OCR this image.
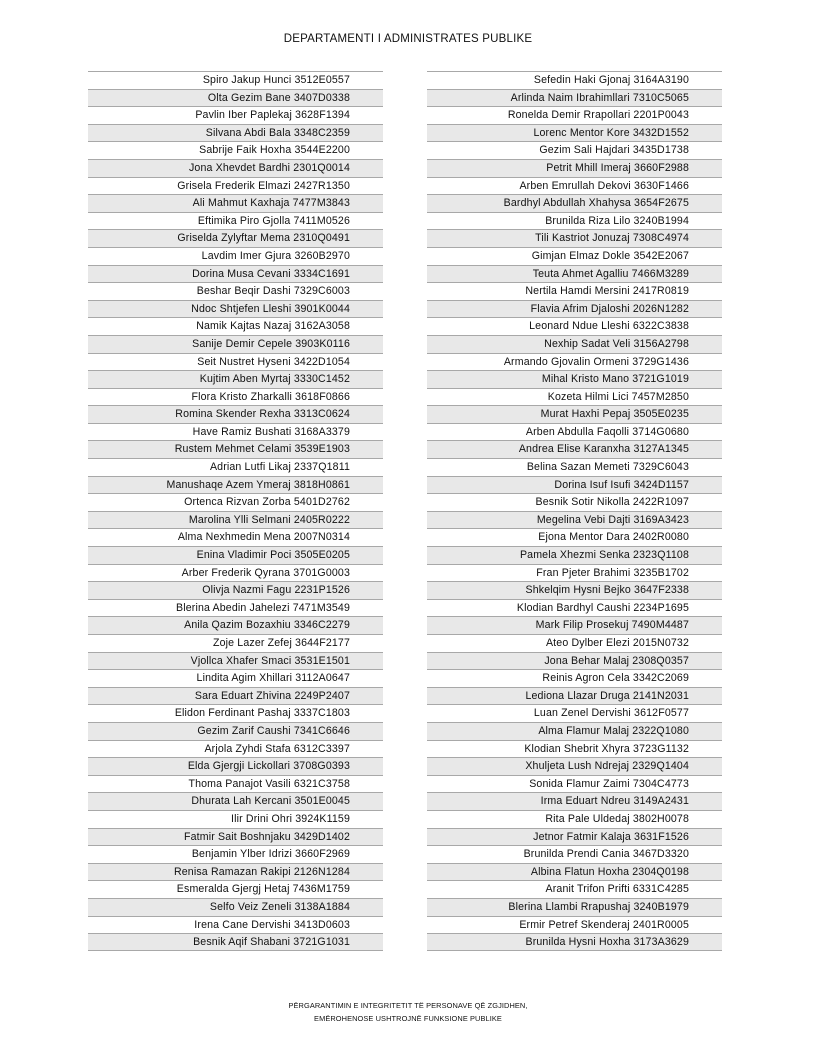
DEPARTAMENTI I ADMINISTRATES PUBLIKE
Spiro Jakup Hunci 3512E0557
Olta Gezim Bane 3407D0338
Pavlin Iber Paplekaj 3628F1394
Silvana Abdi Bala 3348C2359
Sabrije Faik Hoxha 3544E2200
Jona Xhevdet Bardhi 2301Q0014
Grisela Frederik Elmazi 2427R1350
Ali Mahmut Kaxhaja 7477M3843
Eftimika Piro Gjolla 7411M0526
Griselda Zylyftar Mema 2310Q0491
Lavdim Imer Gjura 3260B2970
Dorina Musa Cevani 3334C1691
Beshar Beqir Dashi 7329C6003
Ndoc Shtjefen Lleshi 3901K0044
Namik Kajtas Nazaj 3162A3058
Sanije Demir Cepele 3903K0116
Seit Nustret Hyseni 3422D1054
Kujtim Aben Myrtaj 3330C1452
Flora Kristo Zharkalli 3618F0866
Romina Skender Rexha 3313C0624
Have Ramiz Bushati 3168A3379
Rustem Mehmet Celami 3539E1903
Adrian Lutfi Likaj 2337Q1811
Manushaqe Azem Ymeraj 3818H0861
Ortenca Rizvan Zorba 5401D2762
Marolina Ylli Selmani 2405R0222
Alma Nexhmedin Mena 2007N0314
Enina Vladimir Poci 3505E0205
Arber Frederik Qyrana 3701G0003
Olivja Nazmi Fagu 2231P1526
Blerina Abedin Jahelezi 7471M3549
Anila Qazim Bozaxhiu 3346C2279
Zoje Lazer Zefej 3644F2177
Vjollca Xhafer Smaci 3531E1501
Lindita Agim Xhillari 3112A0647
Sara Eduart Zhivina 2249P2407
Elidon Ferdinant Pashaj 3337C1803
Gezim Zarif Caushi 7341C6646
Arjola Zyhdi Stafa 6312C3397
Elda Gjergji Lickollari 3708G0393
Thoma Panajot Vasili 6321C3758
Dhurata Lah Kercani 3501E0045
Ilir Drini Ohri 3924K1159
Fatmir Sait Boshnjaku 3429D1402
Benjamin Ylber Idrizi 3660F2969
Renisa Ramazan Rakipi 2126N1284
Esmeralda Gjergj Hetaj 7436M1759
Selfo Veiz Zeneli 3138A1884
Irena Cane Dervishi 3413D0603
Besnik Aqif Shabani 3721G1031
Sefedin Haki Gjonaj 3164A3190
Arlinda Naim Ibrahimllari 7310C5065
Ronelda Demir Rrapollari 2201P0043
Lorenc Mentor Kore 3432D1552
Gezim Sali Hajdari 3435D1738
Petrit Mhill Imeraj 3660F2988
Arben Emrullah Dekovi 3630F1466
Bardhyl Abdullah Xhahysa 3654F2675
Brunilda Riza Lilo 3240B1994
Tili Kastriot Jonuzaj 7308C4974
Gimjan Elmaz Dokle 3542E2067
Teuta Ahmet Agalliu 7466M3289
Nertila Hamdi Mersini 2417R0819
Flavia Afrim Djaloshi 2026N1282
Leonard Ndue Lleshi 6322C3838
Nexhip Sadat Veli 3156A2798
Armando Gjovalin Ormeni 3729G1436
Mihal Kristo Mano 3721G1019
Kozeta Hilmi Lici 7457M2850
Murat Haxhi Pepaj 3505E0235
Arben Abdulla Faqolli 3714G0680
Andrea Elise Karanxha 3127A1345
Belina Sazan Memeti 7329C6043
Dorina Isuf Isufi 3424D1157
Besnik Sotir Nikolla 2422R1097
Megelina Vebi Dajti 3169A3423
Ejona Mentor Dara 2402R0080
Pamela Xhezmi Senka 2323Q1108
Fran Pjeter Brahimi 3235B1702
Shkelqim Hysni Bejko 3647F2338
Klodian Bardhyl Caushi 2234P1695
Mark Filip Prosekuj 7490M4487
Ateo Dylber Elezi 2015N0732
Jona Behar Malaj 2308Q0357
Reinis Agron Cela 3342C2069
Lediona Llazar Druga 2141N2031
Luan Zenel Dervishi 3612F0577
Alma Flamur Malaj 2322Q1080
Klodian Shebrit Xhyra 3723G1132
Xhuljeta Lush Ndrejaj 2329Q1404
Sonida Flamur Zaimi 7304C4773
Irma Eduart Ndreu 3149A2431
Rita Pale Uldedaj 3802H0078
Jetnor Fatmir Kalaja 3631F1526
Brunilda Prendi Cania 3467D3320
Albina Flatun Hoxha 2304Q0198
Aranit Trifon Prifti 6331C4285
Blerina Llambi Rrapushaj 3240B1979
Ermir Petref Skenderaj 2401R0005
Brunilda Hysni Hoxha 3173A3629
PËRGARANTIMIN E INTEGRITETIT TË PERSONAVE QË ZGJIDHEN,
EMËROHENOSE USHTROJNË FUNKSIONE PUBLIKE
